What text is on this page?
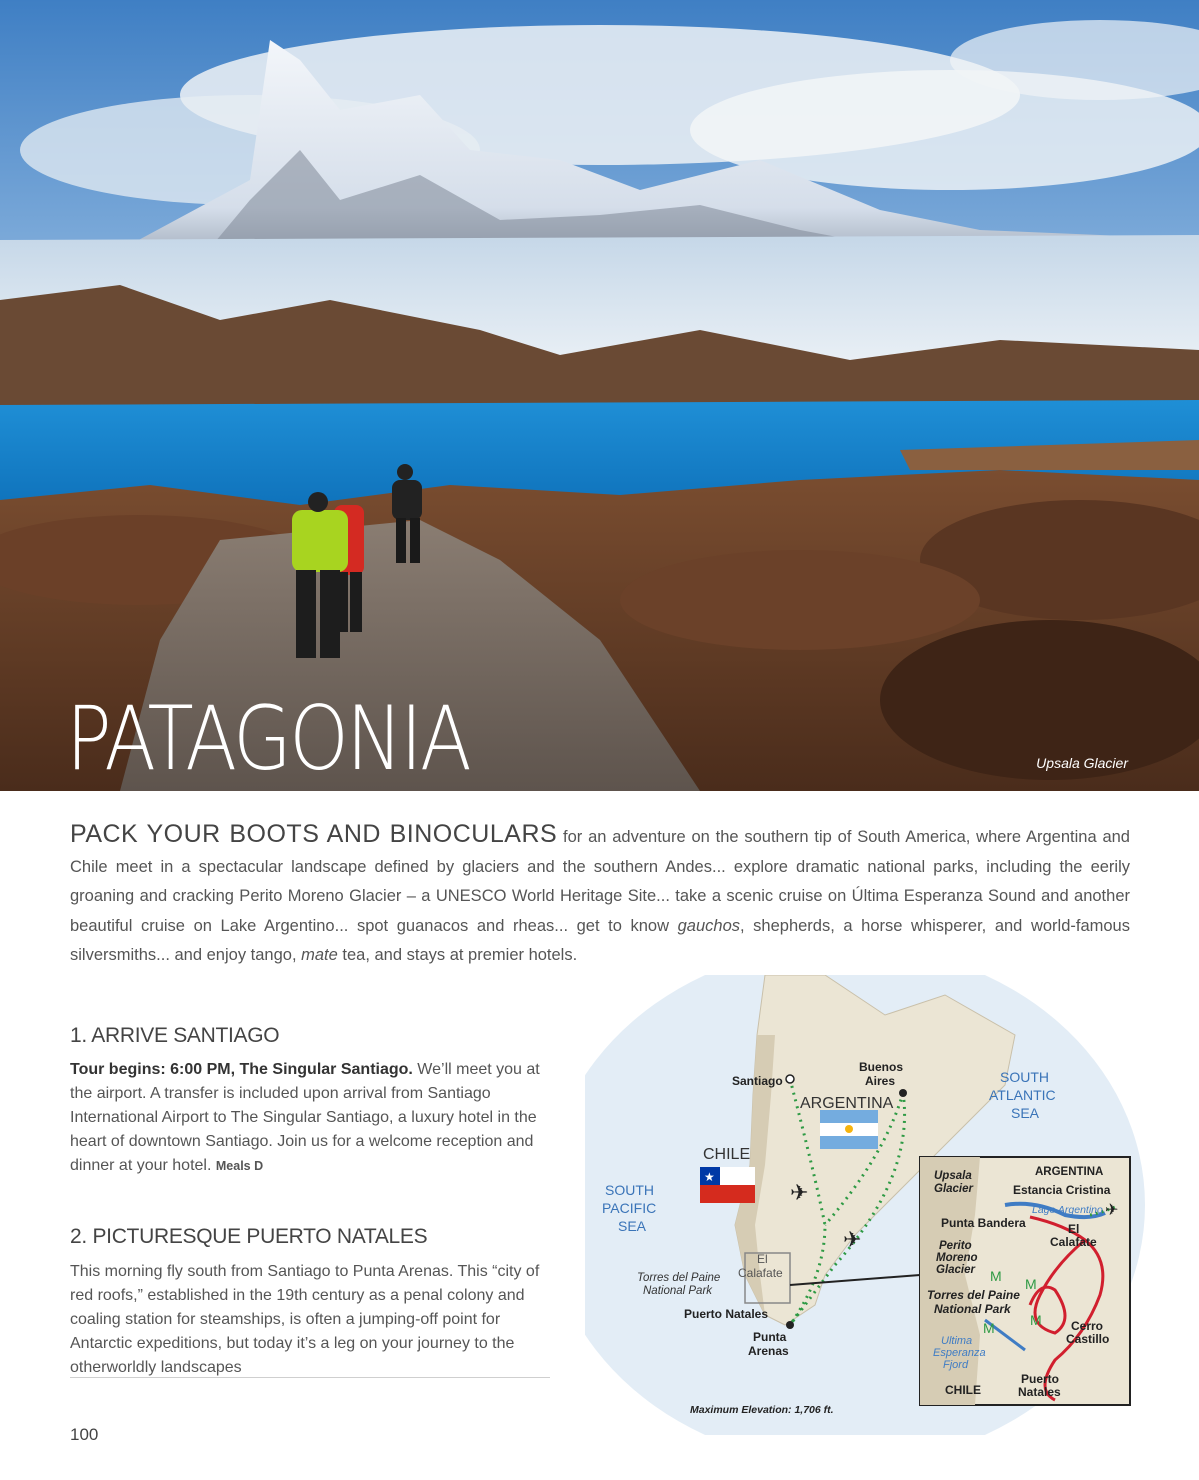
PATAGONIA	Upsala Glacier

PACK YOUR BOOTS AND BINOCULARS for an adventure on the southern tip of South America, where Argentina and Chile meet in a spectacular landscape defined by glaciers and the southern Andes... explore dramatic national parks, including the eerily groaning and cracking Perito Moreno Glacier – a UNESCO World Heritage Site... take a scenic cruise on Última Esperanza Sound and another beautiful cruise on Lake Argentino... spot guanacos and rheas... get to know gauchos, shepherds, a horse whisperer, and world-famous silversmiths... and enjoy tango, mate tea, and stays at premier hotels.

1. ARRIVE SANTIAGO

Tour begins: 6:00 PM, The Singular Santiago. We’ll meet you at the airport. A transfer is included upon arrival from Santiago International Airport to The Singular Santiago, a luxury hotel in the heart of downtown Santiago. Join us for a welcome reception and dinner at your hotel. Meals D

2. PICTURESQUE PUERTO NATALES

This morning fly south from Santiago to Punta Arenas. This “city of red roofs,” established in the 19th century as a penal colony and coaling station for steamships, is often a jumping-off point for Antarctic expeditions, but today it’s a leg on your journey to the otherworldly landscapes

100
✈
✈
★
Santiago
Buenos
Aires
ARGENTINA
CHILE
SOUTH
ATLANTIC
SEA
SOUTH
PACIFIC
SEA
El
Calafate
Torres del Paine
National Park
Puerto Natales
Punta
Arenas
Maximum Elevation: 1,706 ft.
M M
M	M
✈
ARGENTINA
Upsala
Glacier	Estancia Cristina
Lago Argentino
Punta Bandera	El
Calafate
Perito
Moreno
Glacier
Torres del Paine
National Park
Cerro
Castillo
Ultima
Esperanza
Fjord
Puerto
Natales
CHILE
